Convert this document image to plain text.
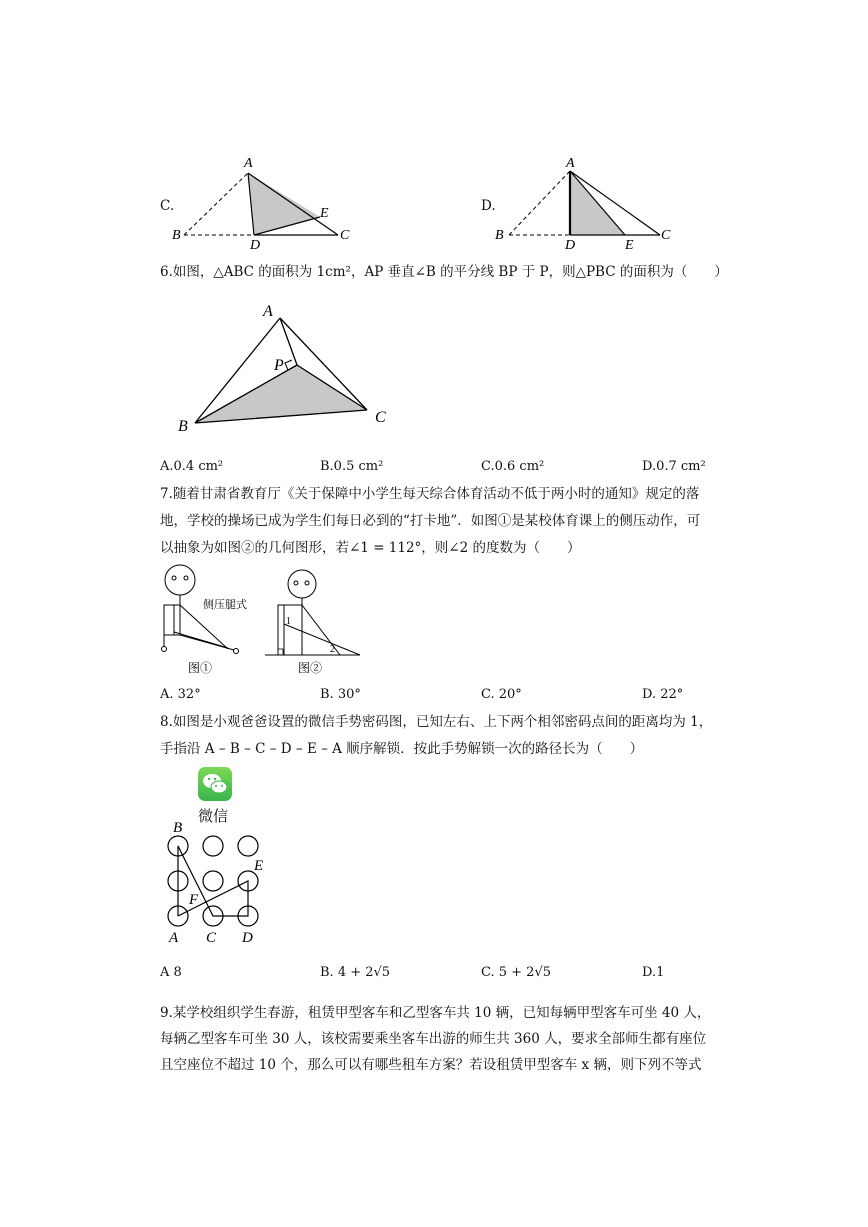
C.
A
B
D
E
C
D.
A
B
D	E
C
6.如图，△ABC 的面积为 1cm²，AP 垂直∠B 的平分线 BP 于 P，则△PBC 的面积为（　　）
A
P
B
C
A.0.4 cm²	B.0.5 cm²	C.0.6 cm²	D.0.7 cm²
7.随着甘肃省教育厅《关于保障中小学生每天综合体育活动不低于两小时的通知》规定的落
地，学校的操场已成为学生们每日必到的“打卡地”．如图①是某校体育课上的侧压动作，可
以抽象为如图②的几何图形，若∠1 = 112°，则∠2 的度数为（　　）
图①
侧压腿式
1
2
图②
A. 32°	B. 30°	C. 20°	D. 22°
8.如图是小观爸爸设置的微信手势密码图，已知左右、上下两个相邻密码点间的距离均为 1，
手指沿 A – B – C – D – E – A 顺序解锁．按此手势解锁一次的路径长为（　　）
微信
B
E
F
A C D
A 8	B. 4 + 2√5	C. 5 + 2√5	D.1
9.某学校组织学生春游，租赁甲型客车和乙型客车共 10 辆，已知每辆甲型客车可坐 40 人，
每辆乙型客车可坐 30 人，该校需要乘坐客车出游的师生共 360 人，要求全部师生都有座位
且空座位不超过 10 个，那么可以有哪些租车方案？若设租赁甲型客车 x 辆，则下列不等式
